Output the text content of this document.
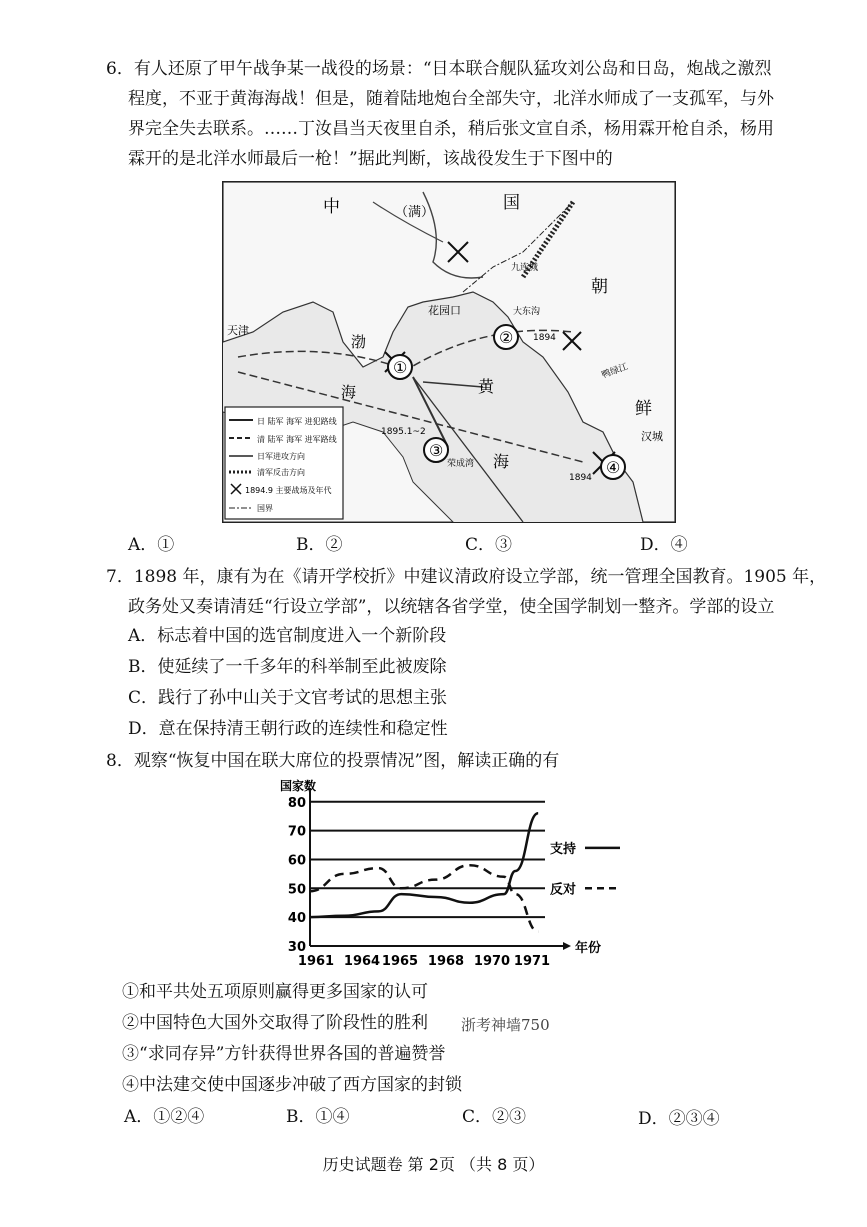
6．有人还原了甲午战争某一战役的场景：“日本联合舰队猛攻刘公岛和日岛，炮战之激烈
程度，不亚于黄海海战！但是，随着陆地炮台全部失守，北洋水师成了一支孤军，与外
界完全失去联系。……丁汝昌当天夜里自杀，稍后张文宣自杀，杨用霖开枪自杀，杨用
霖开的是北洋水师最后一枪！”据此判断，该战役发生于下图中的
①
②
③
④
中	国
（满）
朝
鲜
天津
花园口
渤
海	黄
海
汉城
九连城
大东沟
荣成湾
1894
1895.1~2
1894
鸭绿江
日 陆军 海军 进犯路线
清 陆军 海军 进军路线
日军进攻方向
清军反击方向
1894.9 主要战场及年代
国界
A．①	B．②	C．③	D．④
7．1898 年，康有为在《请开学校折》中建议清政府设立学部，统一管理全国教育。1905 年，
政务处又奏请清廷“行设立学部”，以统辖各省学堂，使全国学制划一整齐。学部的设立
A．标志着中国的选官制度进入一个新阶段
B．使延续了一千多年的科举制至此被废除
C．践行了孙中山关于文官考试的思想主张
D．意在保持清王朝行政的连续性和稳定性
8．观察“恢复中国在联大席位的投票情况”图，解读正确的有
国家数
30
40
50
60
70
80
1961 1964 1965 1968 1970 1971
年份
支持
反对
①和平共处五项原则赢得更多国家的认可
②中国特色大国外交取得了阶段性的胜利 浙考神墙750
③“求同存异”方针获得世界各国的普遍赞誉
④中法建交使中国逐步冲破了西方国家的封锁
A．①②④	B．①④	C．②③	D．②③④
历史试题卷 第 2页 （共 8 页）
